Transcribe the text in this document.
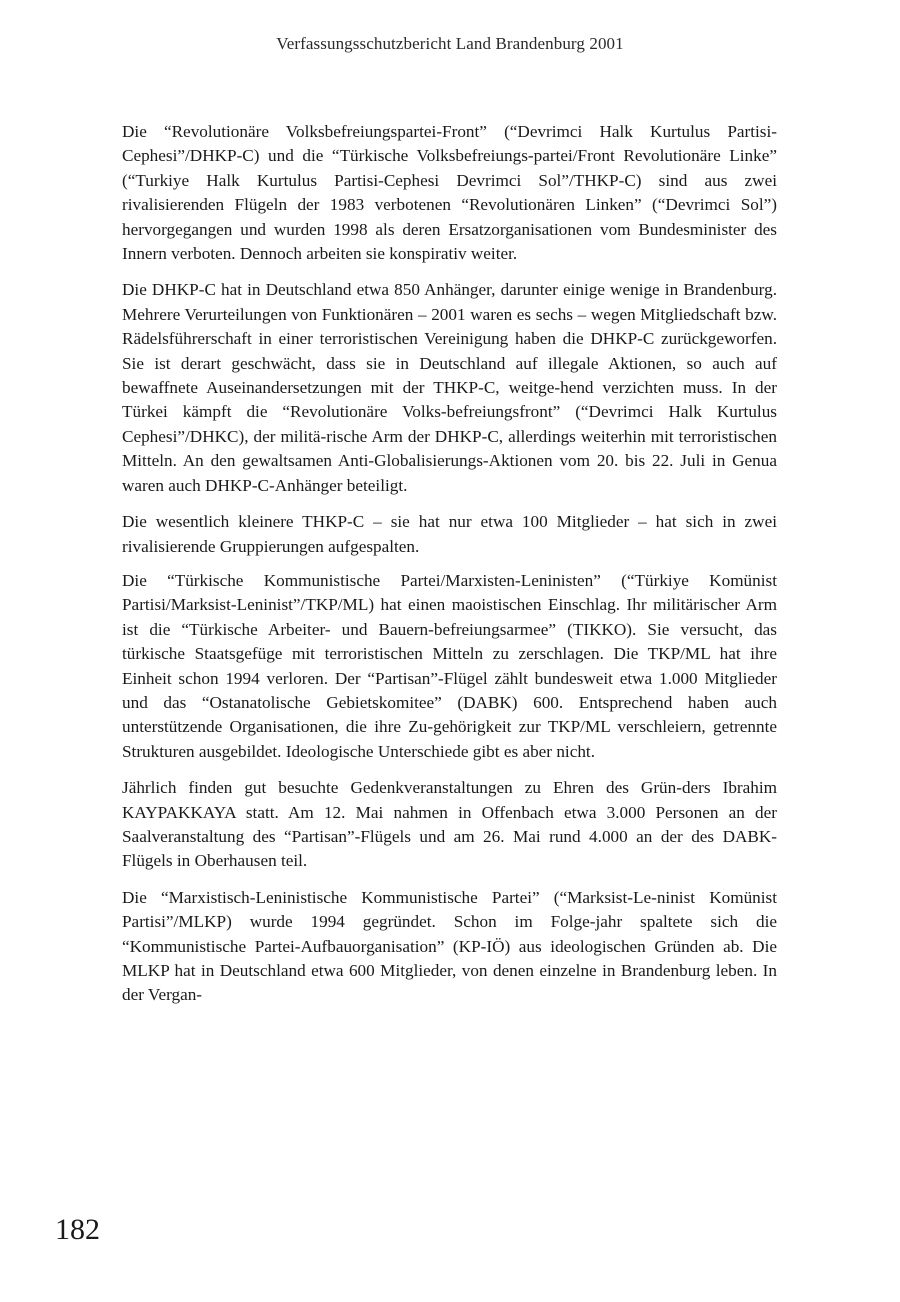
Verfassungsschutzbericht Land Brandenburg 2001

Die “Revolutionäre Volksbefreiungspartei-Front” (“Devrimci Halk Kurtulus Partisi-Cephesi”/DHKP-C) und die “Türkische Volksbefreiungs-partei/Front Revolutionäre Linke” (“Turkiye Halk Kurtulus Partisi-Cephesi Devrimci Sol”/THKP-C) sind aus zwei rivalisierenden Flügeln der 1983 verbotenen “Revolutionären Linken” (“Devrimci Sol”) hervorgegangen und wurden 1998 als deren Ersatzorganisationen vom Bundesminister des Innern verboten. Dennoch arbeiten sie konspirativ weiter.

Die DHKP-C hat in Deutschland etwa 850 Anhänger, darunter einige wenige in Brandenburg. Mehrere Verurteilungen von Funktionären – 2001 waren es sechs – wegen Mitgliedschaft bzw. Rädelsführerschaft in einer terroristischen Vereinigung haben die DHKP-C zurückgeworfen. Sie ist derart geschwächt, dass sie in Deutschland auf illegale Aktionen, so auch auf bewaffnete Auseinandersetzungen mit der THKP-C, weitge-hend verzichten muss. In der Türkei kämpft die “Revolutionäre Volks-befreiungsfront” (“Devrimci Halk Kurtulus Cephesi”/DHKC), der militä-rische Arm der DHKP-C, allerdings weiterhin mit terroristischen Mitteln. An den gewaltsamen Anti-Globalisierungs-Aktionen vom 20. bis 22. Juli in Genua waren auch DHKP-C-Anhänger beteiligt.

Die wesentlich kleinere THKP-C – sie hat nur etwa 100 Mitglieder – hat sich in zwei rivalisierende Gruppierungen aufgespalten.

Die “Türkische Kommunistische Partei/Marxisten-Leninisten” (“Türkiye Komünist Partisi/Marksist-Leninist”/TKP/ML) hat einen maoistischen Einschlag. Ihr militärischer Arm ist die “Türkische Arbeiter- und Bauern-befreiungsarmee” (TIKKO). Sie versucht, das türkische Staatsgefüge mit terroristischen Mitteln zu zerschlagen. Die TKP/ML hat ihre Einheit schon 1994 verloren. Der “Partisan”-Flügel zählt bundesweit etwa 1.000 Mitglieder und das “Ostanatolische Gebietskomitee” (DABK) 600. Entsprechend haben auch unterstützende Organisationen, die ihre Zu-gehörigkeit zur TKP/ML verschleiern, getrennte Strukturen ausgebildet. Ideologische Unterschiede gibt es aber nicht.

Jährlich finden gut besuchte Gedenkveranstaltungen zu Ehren des Grün-ders Ibrahim KAYPAKKAYA statt. Am 12. Mai nahmen in Offenbach etwa 3.000 Personen an der Saalveranstaltung des “Partisan”-Flügels und am 26. Mai rund 4.000 an der des DABK-Flügels in Oberhausen teil.

Die “Marxistisch-Leninistische Kommunistische Partei” (“Marksist-Le-ninist Komünist Partisi”/MLKP) wurde 1994 gegründet. Schon im Folge-jahr spaltete sich die “Kommunistische Partei-Aufbauorganisation” (KP-IÖ) aus ideologischen Gründen ab. Die MLKP hat in Deutschland etwa 600 Mitglieder, von denen einzelne in Brandenburg leben. In der Vergan-

182
